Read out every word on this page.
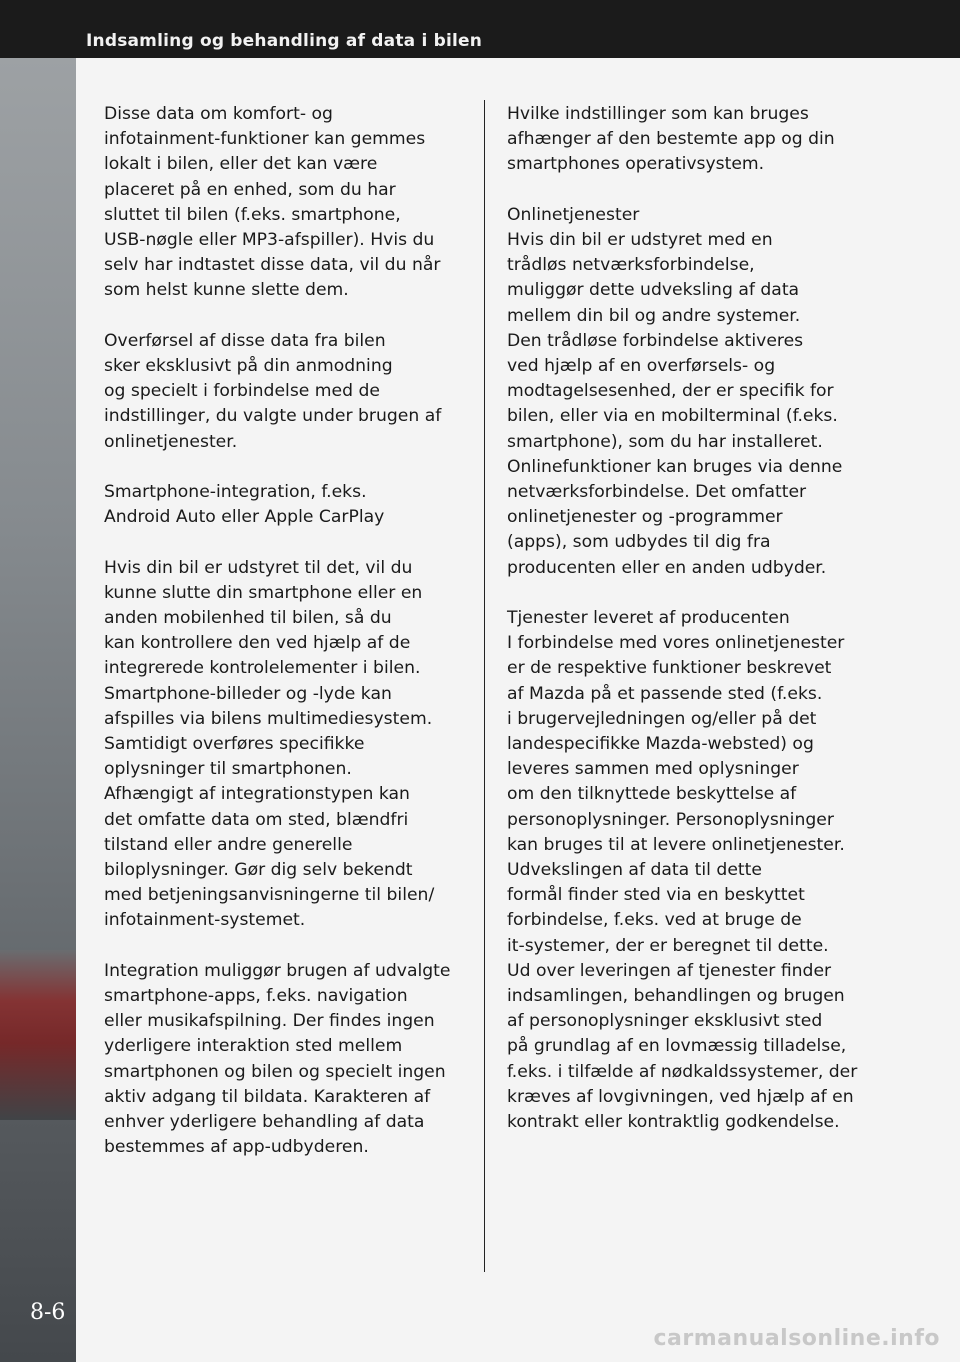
Indsamling og behandling af data i bilen
8-6
Disse data om komfort- og
infotainment-funktioner kan gemmes
lokalt i bilen, eller det kan være
placeret på en enhed, som du har
sluttet til bilen (f.eks. smartphone,
USB-nøgle eller MP3-afspiller). Hvis du
selv har indtastet disse data, vil du når
som helst kunne slette dem.
Overførsel af disse data fra bilen
sker eksklusivt på din anmodning
og specielt i forbindelse med de
indstillinger, du valgte under brugen af
onlinetjenester.
Smartphone-integration, f.eks.
Android Auto eller Apple CarPlay
Hvis din bil er udstyret til det, vil du
kunne slutte din smartphone eller en
anden mobilenhed til bilen, så du
kan kontrollere den ved hjælp af de
integrerede kontrolelementer i bilen.
Smartphone-billeder og -lyde kan
afspilles via bilens multimediesystem.
Samtidigt overføres specifikke
oplysninger til smartphonen.
Afhængigt af integrationstypen kan
det omfatte data om sted, blændfri
tilstand eller andre generelle
biloplysninger. Gør dig selv bekendt
med betjeningsanvisningerne til bilen/
infotainment-systemet.
Integration muliggør brugen af udvalgte
smartphone-apps, f.eks. navigation
eller musikafspilning. Der findes ingen
yderligere interaktion sted mellem
smartphonen og bilen og specielt ingen
aktiv adgang til bildata. Karakteren af
enhver yderligere behandling af data
bestemmes af app-udbyderen.
Hvilke indstillinger som kan bruges
afhænger af den bestemte app og din
smartphones operativsystem.
Onlinetjenester
Hvis din bil er udstyret med en
trådløs netværksforbindelse,
muliggør dette udveksling af data
mellem din bil og andre systemer.
Den trådløse forbindelse aktiveres
ved hjælp af en overførsels- og
modtagelsesenhed, der er specifik for
bilen, eller via en mobilterminal (f.eks.
smartphone), som du har installeret.
Onlinefunktioner kan bruges via denne
netværksforbindelse. Det omfatter
onlinetjenester og -programmer
(apps), som udbydes til dig fra
producenten eller en anden udbyder.
Tjenester leveret af producenten
I forbindelse med vores onlinetjenester
er de respektive funktioner beskrevet
af Mazda på et passende sted (f.eks.
i brugervejledningen og/eller på det
landespecifikke Mazda-websted) og
leveres sammen med oplysninger
om den tilknyttede beskyttelse af
personoplysninger. Personoplysninger
kan bruges til at levere onlinetjenester.
Udvekslingen af data til dette
formål finder sted via en beskyttet
forbindelse, f.eks. ved at bruge de
it-systemer, der er beregnet til dette.
Ud over leveringen af tjenester finder
indsamlingen, behandlingen og brugen
af personoplysninger eksklusivt sted
på grundlag af en lovmæssig tilladelse,
f.eks. i tilfælde af nødkaldssystemer, der
kræves af lovgivningen, ved hjælp af en
kontrakt eller kontraktlig godkendelse.
carmanualsonline.info
